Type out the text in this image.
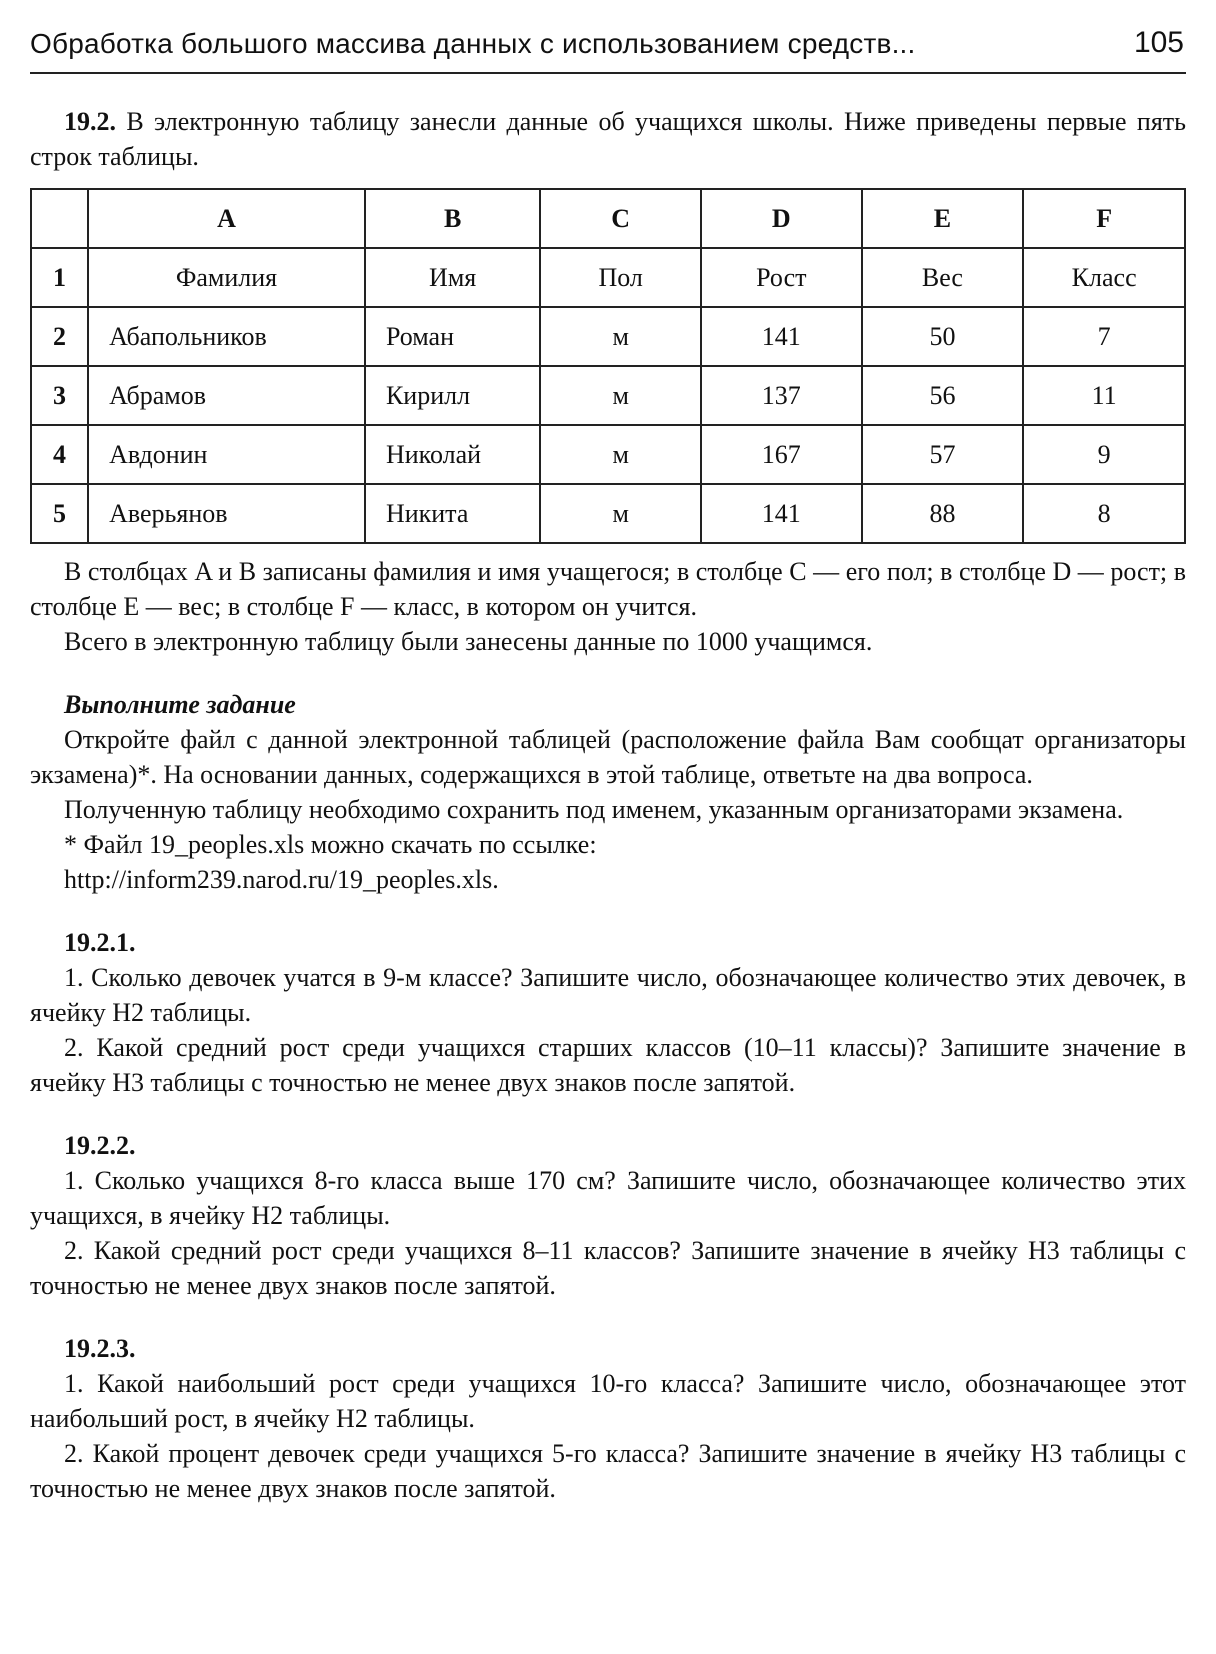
Обработка большого массива данных с использованием средств...	105

19.2. В электронную таблицу занесли данные об учащихся школы. Ниже приведены первые пять строк таблицы.

	A	B	C	D	E	F
1	Фамилия	Имя	Пол	Рост	Вес	Класс
2	Абапольников	Роман	м	141	50	7
3	Абрамов	Кирилл	м	137	56	11
4	Авдонин	Николай	м	167	57	9
5	Аверьянов	Никита	м	141	88	8

В столбцах A и B записаны фамилия и имя учащегося; в столбце C — его пол; в столбце D — рост; в столбце E — вес; в столбце F — класс, в котором он учится.

Всего в электронную таблицу были занесены данные по 1000 учащимся.

Выполните задание

Откройте файл с данной электронной таблицей (расположение файла Вам сообщат организаторы экзамена)*. На основании данных, содержащихся в этой таблице, ответьте на два вопроса.

Полученную таблицу необходимо сохранить под именем, указанным организаторами экзамена.

* Файл 19_peoples.xls можно скачать по ссылке:

http://inform239.narod.ru/19_peoples.xls.

19.2.1.

1. Сколько девочек учатся в 9-м классе? Запишите число, обозначающее количество этих девочек, в ячейку H2 таблицы.

2. Какой средний рост среди учащихся старших классов (10–11 классы)? Запишите значение в ячейку H3 таблицы с точностью не менее двух знаков после запятой.

19.2.2.

1. Сколько учащихся 8-го класса выше 170 см? Запишите число, обозначающее количество этих учащихся, в ячейку H2 таблицы.

2. Какой средний рост среди учащихся 8–11 классов? Запишите значение в ячейку H3 таблицы с точностью не менее двух знаков после запятой.

19.2.3.

1. Какой наибольший рост среди учащихся 10-го класса? Запишите число, обозначающее этот наибольший рост, в ячейку H2 таблицы.

2. Какой процент девочек среди учащихся 5-го класса? Запишите значение в ячейку H3 таблицы с точностью не менее двух знаков после запятой.
